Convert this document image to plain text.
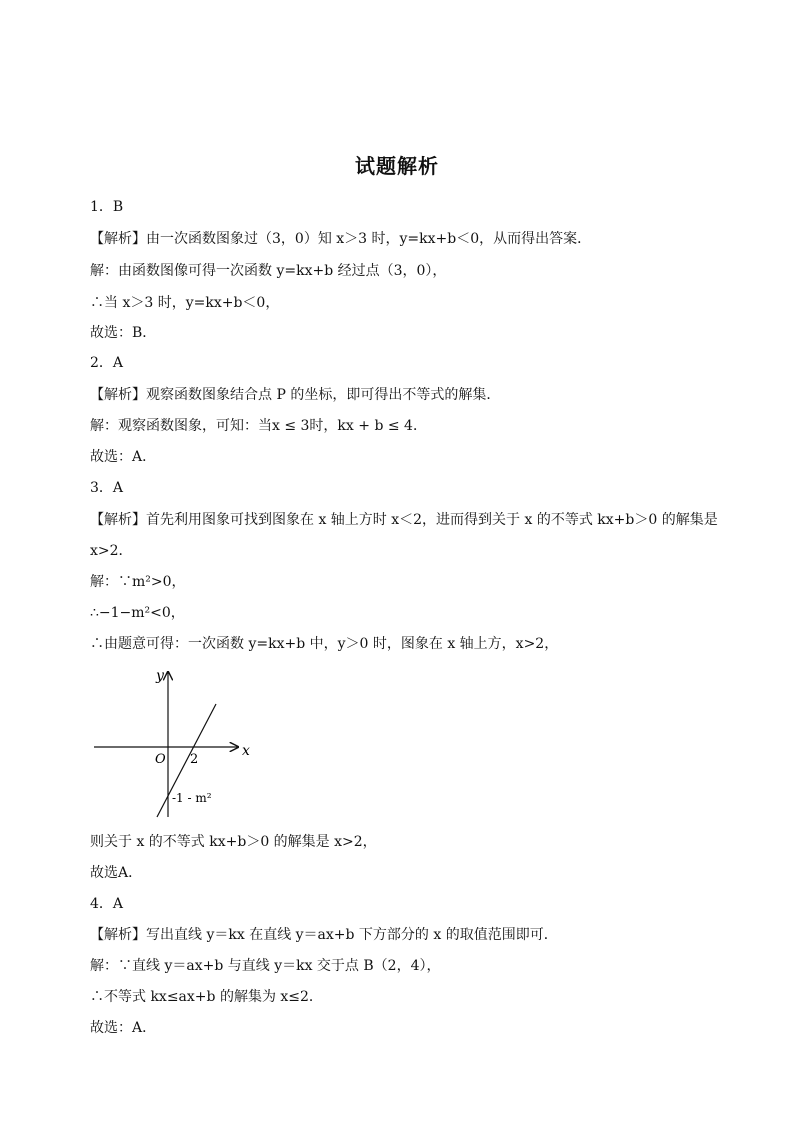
试题解析
1．B
【解析】由一次函数图象过（3，0）知 x＞3 时，y=kx+b＜0，从而得出答案．
解：由函数图像可得一次函数 y=kx+b 经过点（3，0），
∴当 x＞3 时，y=kx+b＜0，
故选：B．
2．A
【解析】观察函数图象结合点 P 的坐标，即可得出不等式的解集．
解：观察函数图象，可知：当x ≤ 3时，kx + b ≤ 4．
故选：A．
3．A
【解析】首先利用图象可找到图象在 x 轴上方时 x＜2，进而得到关于 x 的不等式 kx+b＞0 的解集是
x>2．
解：∵m²>0，
∴−1−m²<0，
∴由题意可得：一次函数 y=kx+b 中，y＞0 时，图象在 x 轴上方，x>2，
y
x
O 2
-1 - m²
则关于 x 的不等式 kx+b＞0 的解集是 x>2，
故选A．
4．A
【解析】写出直线 y＝kx 在直线 y＝ax+b 下方部分的 x 的取值范围即可．
解：∵直线 y＝ax+b 与直线 y＝kx 交于点 B（2，4），
∴不等式 kx≤ax+b 的解集为 x≤2．
故选：A．
